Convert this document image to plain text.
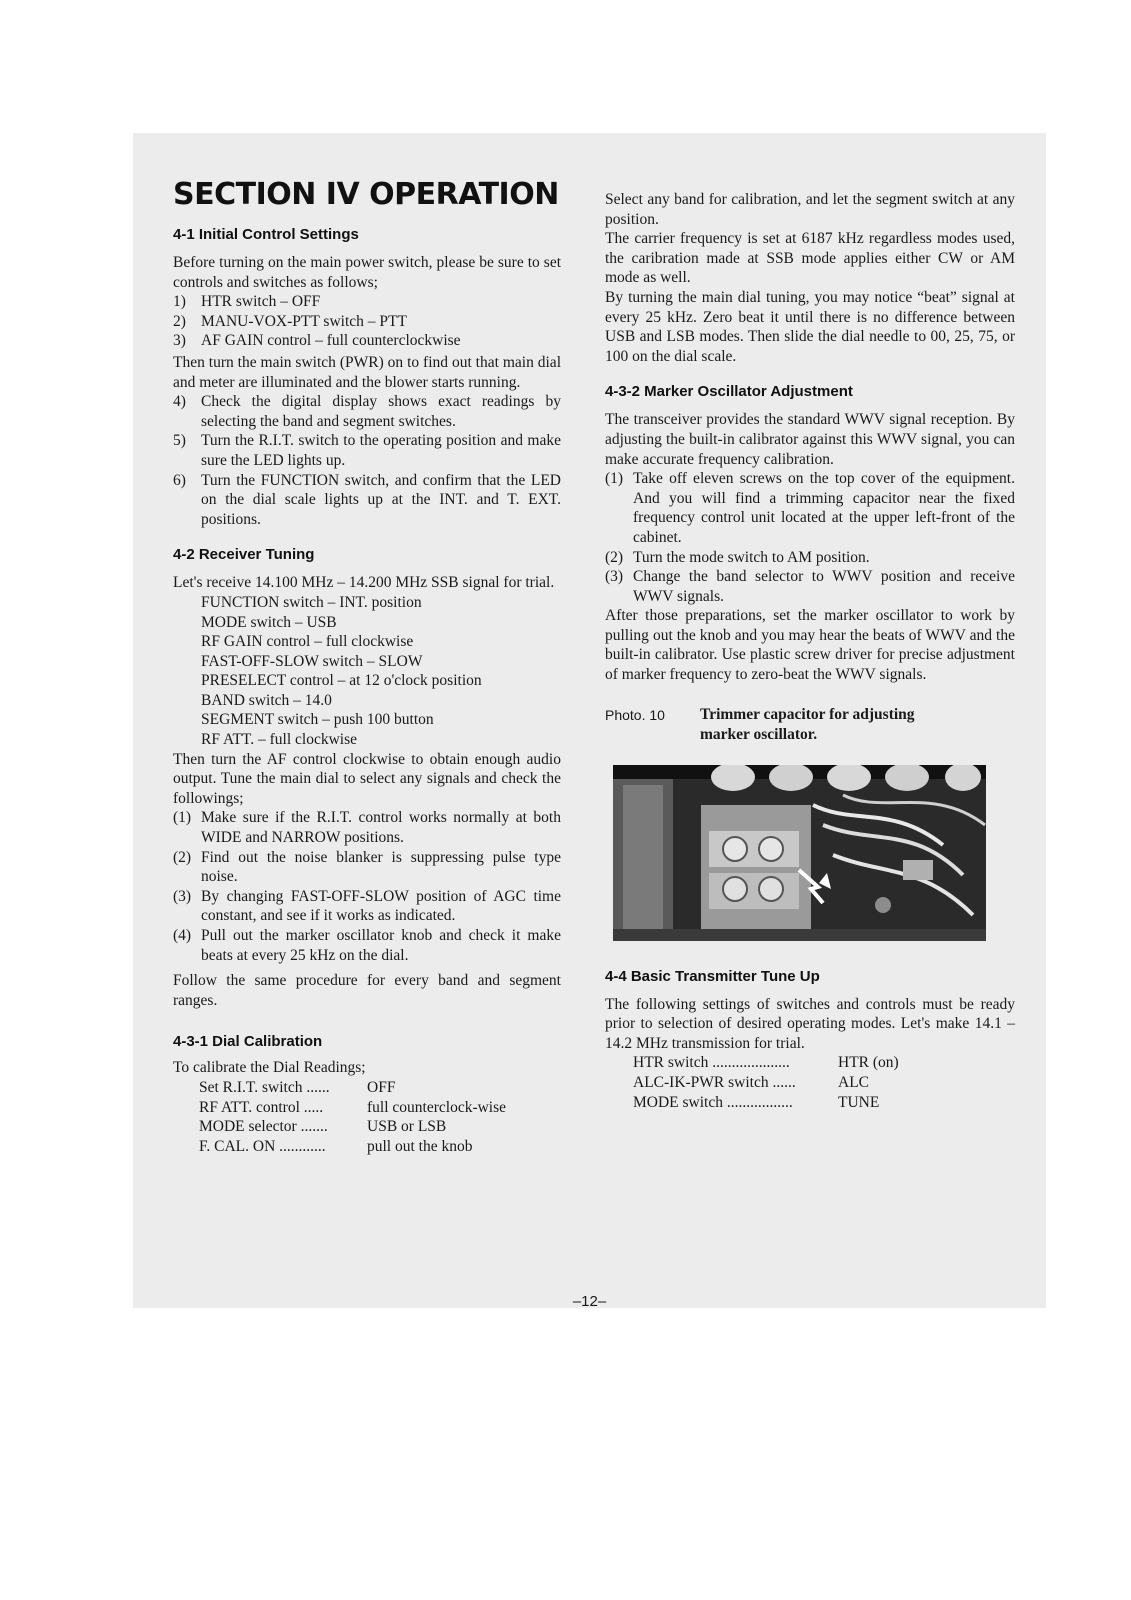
SECTION IV OPERATION
4-1 Initial Control Settings

Before turning on the main power switch, please be sure to set controls and switches as follows;

1) HTR switch – OFF
2) MANU-VOX-PTT switch – PTT
3) AF GAIN control – full counterclockwise

Then turn the main switch (PWR) on to find out that main dial and meter are illuminated and the blower starts running.

4) Check the digital display shows exact readings by selecting the band and segment switches.
5) Turn the R.I.T. switch to the operating position and make sure the LED lights up.
6) Turn the FUNCTION switch, and confirm that the LED on the dial scale lights up at the INT. and T. EXT. positions.
4-2 Receiver Tuning

Let's receive 14.100 MHz – 14.200 MHz SSB signal for trial.

FUNCTION switch – INT. position
MODE switch – USB
RF GAIN control – full clockwise
FAST-OFF-SLOW switch – SLOW
PRESELECT control – at 12 o'clock position
BAND switch – 14.0
SEGMENT switch – push 100 button
RF ATT. – full clockwise

Then turn the AF control clockwise to obtain enough audio output. Tune the main dial to select any signals and check the followings;

(1) Make sure if the R.I.T. control works normally at both WIDE and NARROW positions.
(2) Find out the noise blanker is suppressing pulse type noise.
(3) By changing FAST-OFF-SLOW position of AGC time constant, and see if it works as indicated.
(4) Pull out the marker oscillator knob and check it make beats at every 25 kHz on the dial.

Follow the same procedure for every band and segment ranges.

4-3-1 Dial Calibration

To calibrate the Dial Readings;

Set R.I.T. switch ......	OFF
RF ATT. control .....	full counterclock-wise
MODE selector .......	USB or LSB
F. CAL. ON ............	pull out the knob

Select any band for calibration, and let the segment switch at any position.

The carrier frequency is set at 6187 kHz regardless modes used, the caribration made at SSB mode applies either CW or AM mode as well.

By turning the main dial tuning, you may notice “beat” signal at every 25 kHz. Zero beat it until there is no difference between USB and LSB modes. Then slide the dial needle to 00, 25, 75, or 100 on the dial scale.

4-3-2 Marker Oscillator Adjustment

The transceiver provides the standard WWV signal reception. By adjusting the built-in calibrator against this WWV signal, you can make accurate frequency calibration.

(1) Take off eleven screws on the top cover of the equipment. And you will find a trimming capacitor near the fixed frequency control unit located at the upper left-front of the cabinet.
(2) Turn the mode switch to AM position.
(3) Change the band selector to WWV position and receive WWV signals.

After those preparations, set the marker oscillator to work by pulling out the knob and you may hear the beats of WWV and the built-in calibrator. Use plastic screw driver for precise adjustment of marker frequency to zero-beat the WWV signals.

Photo. 10	Trimmer capacitor for adjusting
marker oscillator.
4-4 Basic Transmitter Tune Up

The following settings of switches and controls must be ready prior to selection of desired operating modes. Let's make 14.1 – 14.2 MHz transmission for trial.

HTR switch ....................	HTR (on)
ALC-IK-PWR switch ......	ALC
MODE switch .................	TUNE
–12–
